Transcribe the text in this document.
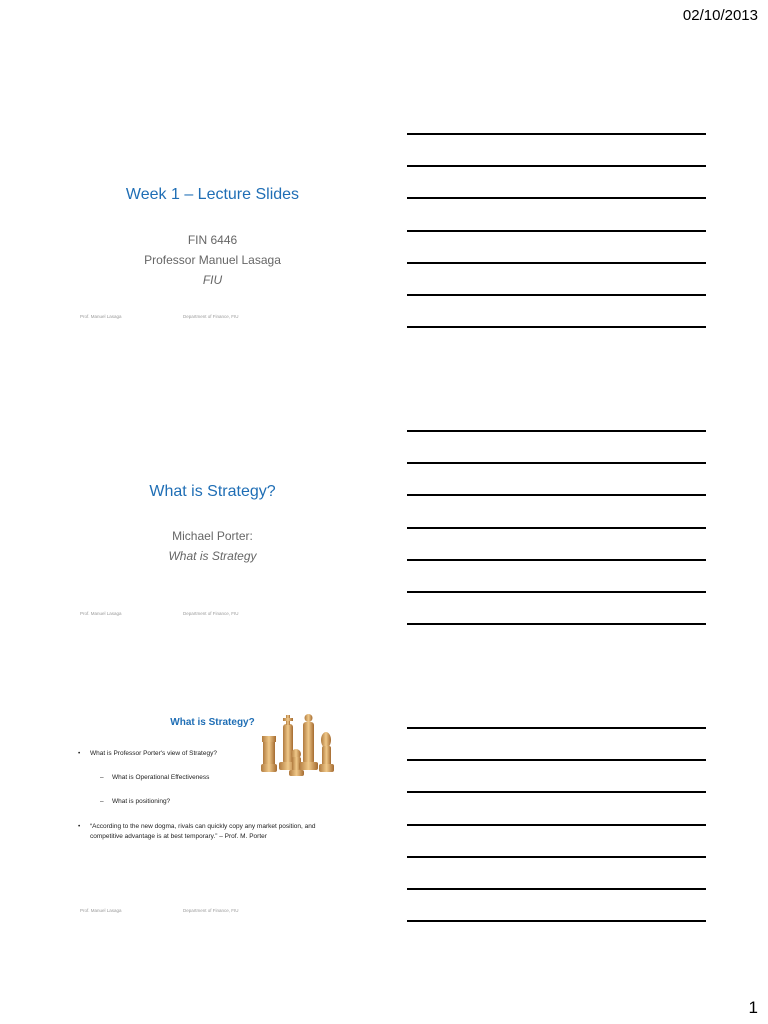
02/10/2013
Week 1 – Lecture Slides
FIN 6446
Professor Manuel Lasaga
FIU
Prof. Manuel Lasaga	Department of Finance, FIU
What is Strategy?
Michael Porter:
What is Strategy
Prof. Manuel Lasaga	Department of Finance, FIU
What is Strategy?
• What is Professor Porter's view of Strategy?
– What is Operational Effectiveness
– What is positioning?
•	“According to the new dogma, rivals can quickly copy any market position, and competitive advantage is at best temporary.” – Prof. M. Porter
Prof. Manuel Lasaga	Department of Finance, FIU
1
